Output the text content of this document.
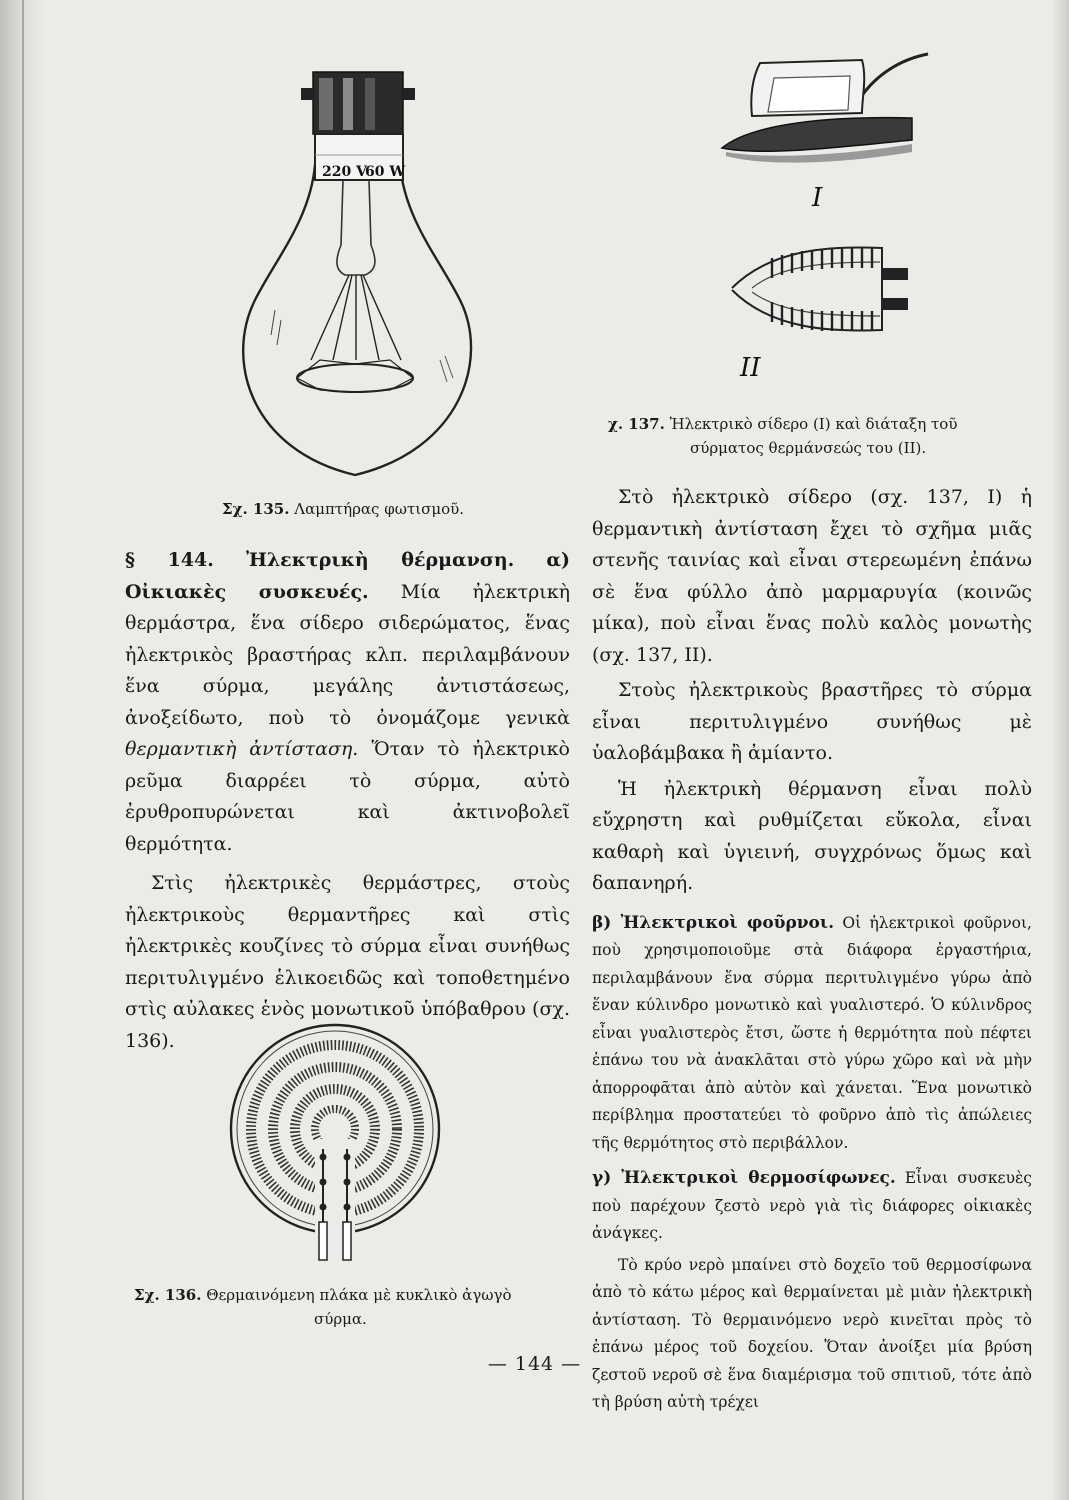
220 V
60 W
Σχ. 135. Λαμπτήρας φωτισμοῦ.
I
II
χ. 137. Ἠλεκτρικὸ σίδερο (I) καὶ διάταξη τοῦ
σύρματος θερμάνσεώς του (II).

§ 144. Ἠλεκτρικὴ θέρμανση. α) Οἰκιακὲς συσκευές. Μία ἠλεκτρικὴ θερμάστρα, ἕνα σίδερο σιδερώματος, ἕνας ἠλεκτρικὸς βραστήρας κλπ. περιλαμβάνουν ἕνα σύρμα, μεγάλης ἀντιστάσεως, ἀνοξείδωτο, ποὺ τὸ ὀνομάζομε γενικὰ θερμαντικὴ ἀντίσταση. Ὅταν τὸ ἠλεκτρικὸ ρεῦμα διαρρέει τὸ σύρμα, αὐτὸ ἐρυθροπυρώνεται καὶ ἀκτινοβολεῖ θερμότητα.

Στὶς ἠλεκτρικὲς θερμάστρες, στοὺς ἠλεκτρικοὺς θερμαντῆρες καὶ στὶς ἠλεκτρικὲς κουζίνες τὸ σύρμα εἶναι συνήθως περιτυλιγμένο ἑλικοειδῶς καὶ τοποθετημένο στὶς αὐλακες ἑνὸς μονωτικοῦ ὑπόβαθρου (σχ. 136).

Σχ. 136. Θερμαινόμενη πλάκα μὲ κυκλικὸ ἀγωγὸ
σύρμα.

Στὸ ἠλεκτρικὸ σίδερο (σχ. 137, I) ἡ θερμαντικὴ ἀντίσταση ἔχει τὸ σχῆμα μιᾶς στενῆς ταινίας καὶ εἶναι στερεωμένη ἐπάνω σὲ ἕνα φύλλο ἀπὸ μαρμαρυγία (κοινῶς μίκα), ποὺ εἶναι ἕνας πολὺ καλὸς μονωτὴς (σχ. 137, II).

Στοὺς ἠλεκτρικοὺς βραστῆρες τὸ σύρμα εἶναι περιτυλιγμένο συνήθως μὲ ὑαλοβάμβακα ἢ ἀμίαντο.

Ἡ ἠλεκτρικὴ θέρμανση εἶναι πολὺ εὔχρηστη καὶ ρυθμίζεται εὔκολα, εἶναι καθαρὴ καὶ ὑγιεινή, συγχρόνως ὅμως καὶ δαπανηρή.

β) Ἠλεκτρικοὶ φοῦρνοι. Οἱ ἠλεκτρικοὶ φοῦρνοι, ποὺ χρησιμοποιοῦμε στὰ διάφορα ἐργαστήρια, περιλαμβάνουν ἕνα σύρμα περιτυλιγμένο γύρω ἀπὸ ἕναν κύλινδρο μονωτικὸ καὶ γυαλιστερό. Ὁ κύλινδρος εἶναι γυαλιστερὸς ἔτσι, ὥστε ἡ θερμότητα ποὺ πέφτει ἐπάνω του νὰ ἀνακλᾶται στὸ γύρω χῶρο καὶ νὰ μὴν ἀπορροφᾶται ἀπὸ αὐτὸν καὶ χάνεται. Ἕνα μονωτικὸ περίβλημα προστατεύει τὸ φοῦρνο ἀπὸ τὶς ἀπώλειες τῆς θερμότητος στὸ περιβάλλον.

γ) Ἠλεκτρικοὶ θερμοσίφωνες. Εἶναι συσκευὲς ποὺ παρέχουν ζεστὸ νερὸ γιὰ τὶς διάφορες οἰκιακὲς ἀνάγκες.

Τὸ κρύο νερὸ μπαίνει στὸ δοχεῖο τοῦ θερμοσίφωνα ἀπὸ τὸ κάτω μέρος καὶ θερμαίνεται μὲ μιὰν ἠλεκτρικὴ ἀντίσταση. Τὸ θερμαινόμενο νερὸ κινεῖται πρὸς τὸ ἐπάνω μέρος τοῦ δοχείου. Ὅταν ἀνοίξει μία βρύση ζεστοῦ νεροῦ σὲ ἕνα διαμέρισμα τοῦ σπιτιοῦ, τότε ἀπὸ τὴ βρύση αὐτὴ τρέχει

— 144 —
